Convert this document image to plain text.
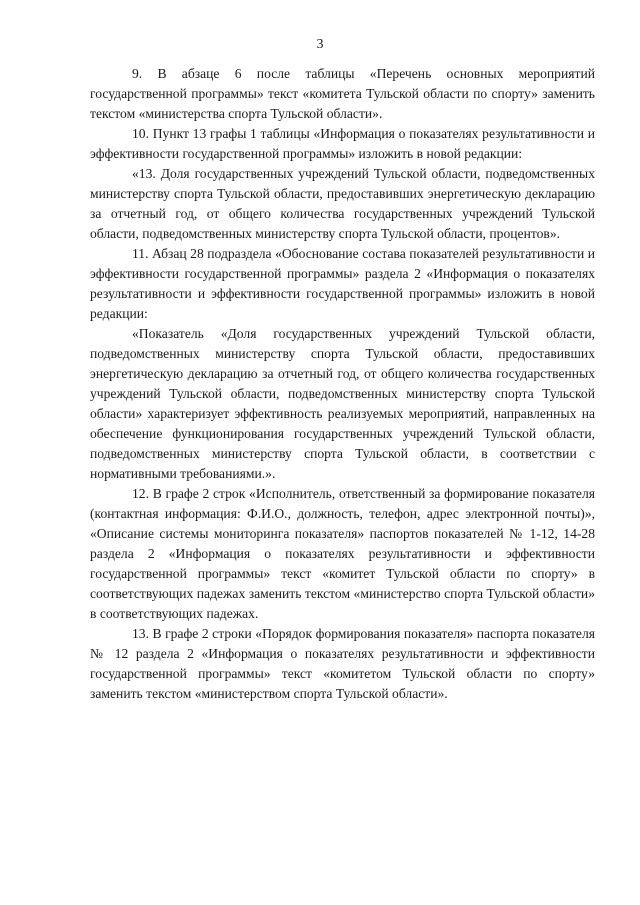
3

9. В абзаце 6 после таблицы «Перечень основных мероприятий государственной программы» текст «комитета Тульской области по спорту» заменить текстом «министерства спорта Тульской области».

10. Пункт 13 графы 1 таблицы «Информация о показателях результативности и эффективности государственной программы» изложить в новой редакции:

«13. Доля государственных учреждений Тульской области, подведомственных министерству спорта Тульской области, предоставивших энергетическую декларацию за отчетный год, от общего количества государственных учреждений Тульской области, подведомственных министерству спорта Тульской области, процентов».

11. Абзац 28 подраздела «Обоснование состава показателей результативности и эффективности государственной программы» раздела 2 «Информация о показателях результативности и эффективности государственной программы» изложить в новой редакции:

«Показатель «Доля государственных учреждений Тульской области, подведомственных министерству спорта Тульской области, предоставивших энергетическую декларацию за отчетный год, от общего количества государственных учреждений Тульской области, подведомственных министерству спорта Тульской области» характеризует эффективность реализуемых мероприятий, направленных на обеспечение функционирования государственных учреждений Тульской области, подведомственных министерству спорта Тульской области, в соответствии с нормативными требованиями.».

12. В графе 2 строк «Исполнитель, ответственный за формирование показателя (контактная информация: Ф.И.О., должность, телефон, адрес электронной почты)», «Описание системы мониторинга показателя» паспортов показателей № 1-12, 14-28 раздела 2 «Информация о показателях результативности и эффективности государственной программы» текст «комитет Тульской области по спорту» в соответствующих падежах заменить текстом «министерство спорта Тульской области» в соответствующих падежах.

13. В графе 2 строки «Порядок формирования показателя» паспорта показателя № 12 раздела 2 «Информация о показателях результативности и эффективности государственной программы» текст «комитетом Тульской области по спорту» заменить текстом «министерством спорта Тульской области».
